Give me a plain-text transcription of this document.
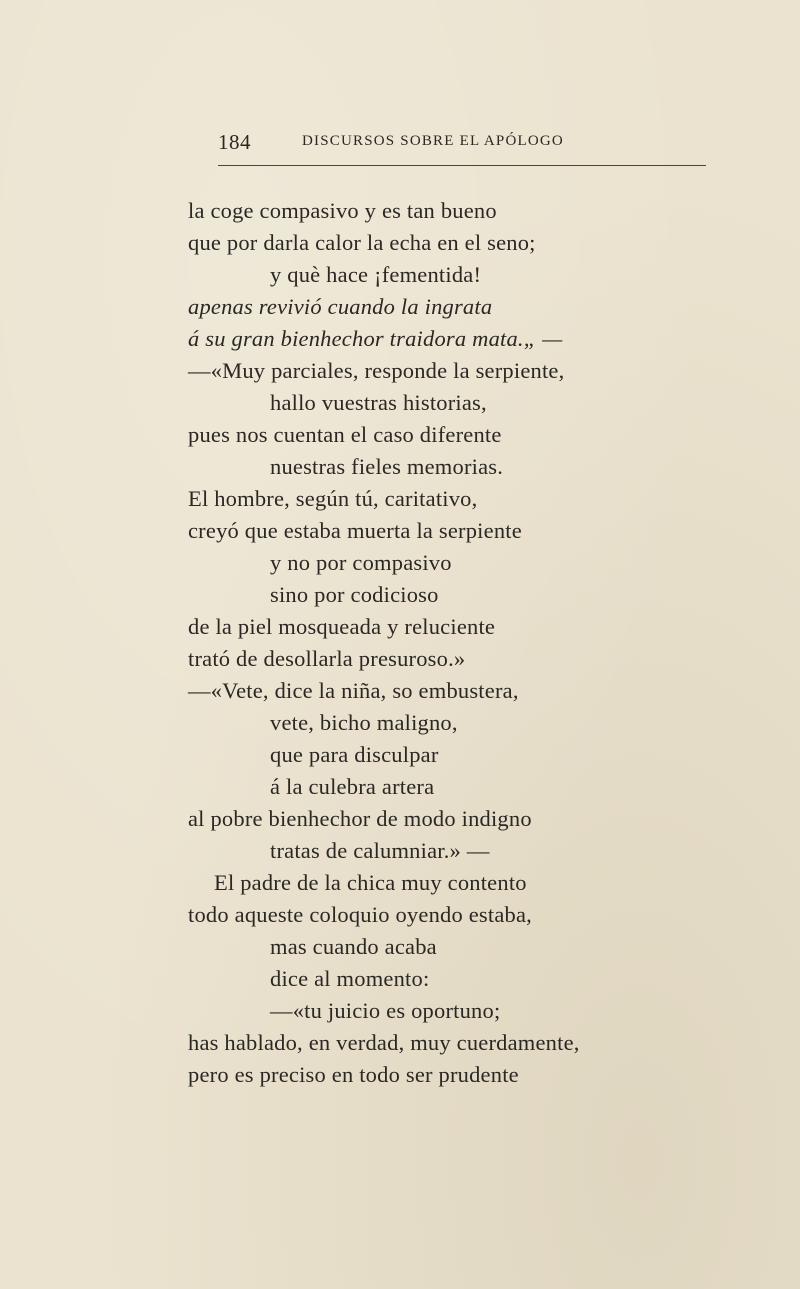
184	DISCURSOS SOBRE EL APÓLOGO
la coge compasivo y es tan bueno
que por darla calor la echa en el seno;
y què hace ¡fementida!
apenas revivió cuando la ingrata
á su gran bienhechor traidora mata.„ —
—«Muy parciales, responde la serpiente,
hallo vuestras historias,
pues nos cuentan el caso diferente
nuestras fieles memorias.
El hombre, según tú, caritativo,
creyó que estaba muerta la serpiente
y no por compasivo
sino por codicioso
de la piel mosqueada y reluciente
trató de desollarla presuroso.»
—«Vete, dice la niña, so embustera,
vete, bicho maligno,
que para disculpar
á la culebra artera
al pobre bienhechor de modo indigno
tratas de calumniar.» —
El padre de la chica muy contento
todo aqueste coloquio oyendo estaba,
mas cuando acaba
dice al momento:
—«tu juicio es oportuno;
has hablado, en verdad, muy cuerdamente,
pero es preciso en todo ser prudente
